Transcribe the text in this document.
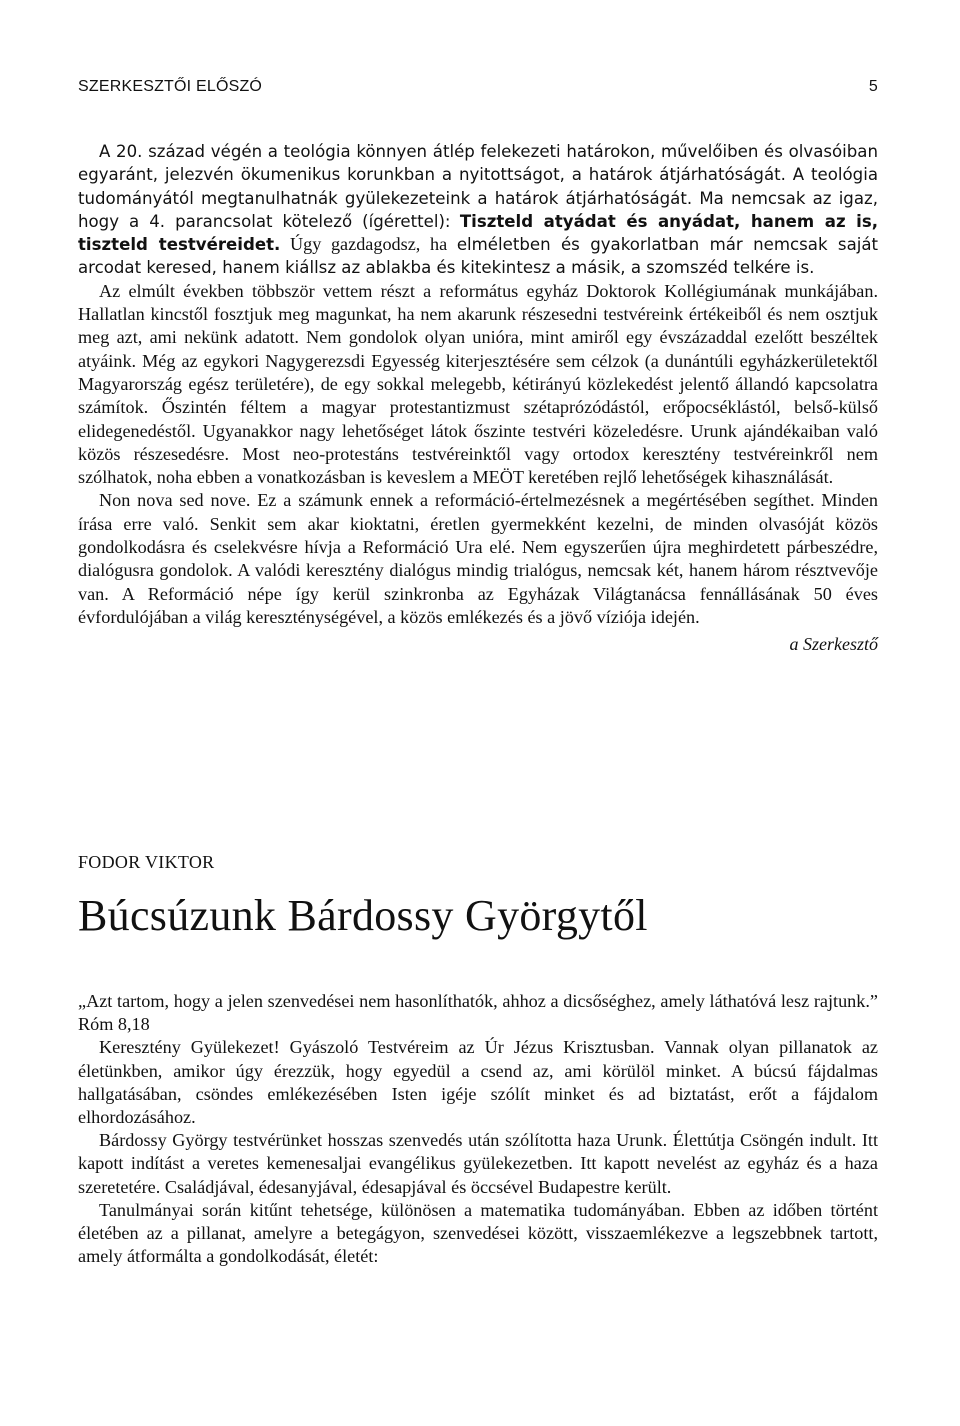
SZERKESZTŐI ELŐSZÓ	5

A 20. század végén a teológia könnyen átlép felekezeti határokon, művelőiben és olvasóiban egyaránt, jelezvén ökumenikus korunkban a nyitottságot, a határok átjárhatóságát. A teológia tudományától megtanulhatnák gyülekezeteink a határok átjárhatóságát. Ma nemcsak az igaz, hogy a 4. parancsolat kötelező (ígérettel): Tiszteld atyádat és anyádat, hanem az is, tiszteld testvéreidet. Úgy gazdagodsz, ha elméletben és gyakorlatban már nemcsak saját arcodat keresed, hanem kiállsz az ablakba és kitekintesz a másik, a szomszéd telkére is.

Az elmúlt években többször vettem részt a református egyház Doktorok Kollégiumának munkájában. Hallatlan kincstől fosztjuk meg magunkat, ha nem akarunk részesedni testvéreink értékeiből és nem osztjuk meg azt, ami nekünk adatott. Nem gondolok olyan unióra, mint amiről egy évszázaddal ezelőtt beszéltek atyáink. Még az egykori Nagygerezsdi Egyesség kiterjesztésére sem célzok (a dunántúli egyházkerületektől Magyarország egész területére), de egy sokkal melegebb, kétirányú közlekedést jelentő állandó kapcsolatra számítok. Őszintén féltem a magyar protestantizmust szétaprózódástól, erőpocséklástól, belső-külső elidegenedéstől. Ugyanakkor nagy lehetőséget látok őszinte testvéri közeledésre. Urunk ajándékaiban való közös részesedésre. Most neo-protestáns testvéreinktől vagy ortodox keresztény testvéreinkről nem szólhatok, noha ebben a vonatkozásban is keveslem a MEÖT keretében rejlő lehetőségek kihasználását.

Non nova sed nove. Ez a számunk ennek a reformáció-értelmezésnek a megértésében segíthet. Minden írása erre való. Senkit sem akar kioktatni, éretlen gyermekként kezelni, de minden olvasóját közös gondolkodásra és cselekvésre hívja a Reformáció Ura elé. Nem egyszerűen újra meghirdetett párbeszédre, dialógusra gondolok. A valódi keresztény dialógus mindig trialógus, nemcsak két, hanem három résztvevője van. A Reformáció népe így kerül szinkronba az Egyházak Világtanácsa fennállásának 50 éves évfordulójában a világ kereszténységével, a közös emlékezés és a jövő víziója idején.

a Szerkesztő
FODOR VIKTOR
Búcsúzunk Bárdossy Györgytől

„Azt tartom, hogy a jelen szenvedései nem hasonlíthatók, ahhoz a dicsőséghez, amely láthatóvá lesz rajtunk.” Róm 8,18

Keresztény Gyülekezet! Gyászoló Testvéreim az Úr Jézus Krisztusban. Vannak olyan pillanatok az életünkben, amikor úgy érezzük, hogy egyedül a csend az, ami körülöl minket. A búcsú fájdalmas hallgatásában, csöndes emlékezésében Isten igéje szólít minket és ad biztatást, erőt a fájdalom elhordozásához.

Bárdossy György testvérünket hosszas szenvedés után szólította haza Urunk. Élettútja Csöngén indult. Itt kapott indítást a veretes kemenesaljai evangélikus gyülekezetben. Itt kapott nevelést az egyház és a haza szeretetére. Családjával, édesanyjával, édesapjával és öccsével Budapestre került.

Tanulmányai során kitűnt tehetsége, különösen a matematika tudományában. Ebben az időben történt életében az a pillanat, amelyre a betegágyon, szenvedései között, visszaemlékezve a legszebbnek tartott, amely átformálta a gondolkodását, életét:
